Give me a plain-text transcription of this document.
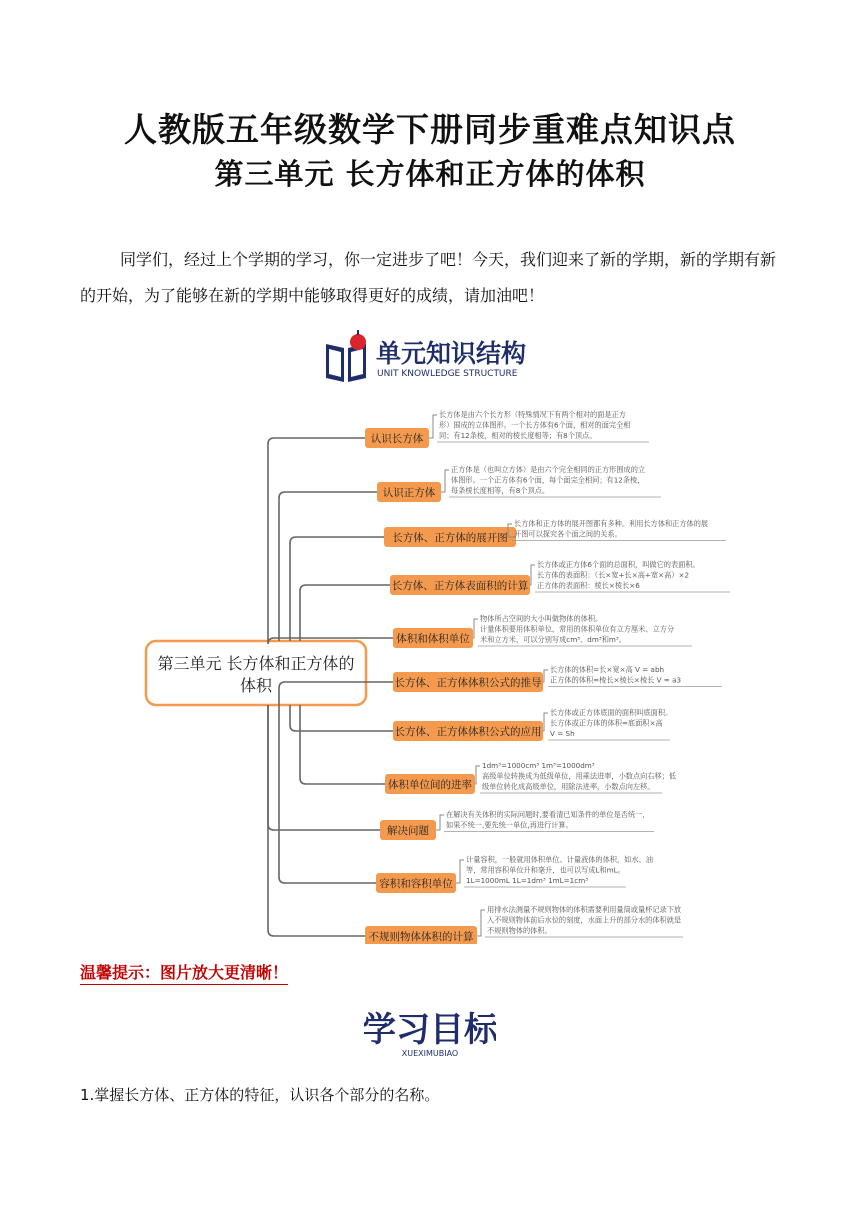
人教版五年级数学下册同步重难点知识点
第三单元 长方体和正方体的体积
同学们，经过上个学期的学习，你一定进步了吧！今天，我们迎来了新的学期，新的学期有新的开始，为了能够在新的学期中能够取得更好的成绩，请加油吧！
单元知识结构
UNIT KNOWLEDGE STRUCTURE
第三单元 长方体和正方体的
体积
认识长方体
长方体是由六个长方形（特殊情况下有两个相对的面是正方
形）围成的立体图形。一个长方体有6个面，相对的面完全相
同；有12条棱，相对的棱长度相等；有8个顶点。
认识正方体
正方体是（也叫立方体）是由六个完全相同的正方形围成的立
体图形。一个正方体有6个面，每个面完全相同；有12条棱，
每条棱长度相等，有8个顶点。
长方体、正方体的展开图
长方体和正方体的展开图都有多种。利用长方体和正方体的展
开图可以探究各个面之间的关系。
长方体、正方体表面积的计算
长方体或正方体6个面的总面积，叫做它的表面积。
长方体的表面积：（长×宽+长×高+宽×高）×2
正方体的表面积：棱长×棱长×6
体积和体积单位
物体所占空间的大小叫做物体的体积。
计量体积要用体积单位，常用的体积单位有立方厘米、立方分
米和立方米，可以分别写成cm³、dm³和m³。
长方体、正方体体积公式的推导
长方体的体积=长×宽×高 V = abh
正方体的体积=棱长×棱长×棱长 V = a3
长方体、正方体体积公式的应用
长方体或正方体底面的面积叫底面积。
长方体或正方体的体积=底面积×高
V = Sh
体积单位间的进率
1dm³=1000cm³ 1m³=1000dm³
高级单位转换成为低级单位，用乘法进率，小数点向右移；低
级单位转化成高级单位，用除法进率，小数点向左移。
解决问题
在解决有关体积的实际问题时,要看清已知条件的单位是否统一,
如果不统一,要先统一单位,再进行计算。
容积和容积单位
计量容积，一般就用体积单位。计量液体的体积，如水、油
等，常用容积单位升和毫升，也可以写成L和mL。
1L=1000mL 1L=1dm³ 1mL=1cm³
不规则物体体积的计算
用排水法测量不规则物体的体积需要利用量筒或量杯记录下放
入不规则物体前后水位的刻度，水面上升的部分水的体积就是
不规则物体的体积。
温馨提示：图片放大更清晰！
学习目标
XUEXIMUBIAO
1.掌握长方体、正方体的特征，认识各个部分的名称。
